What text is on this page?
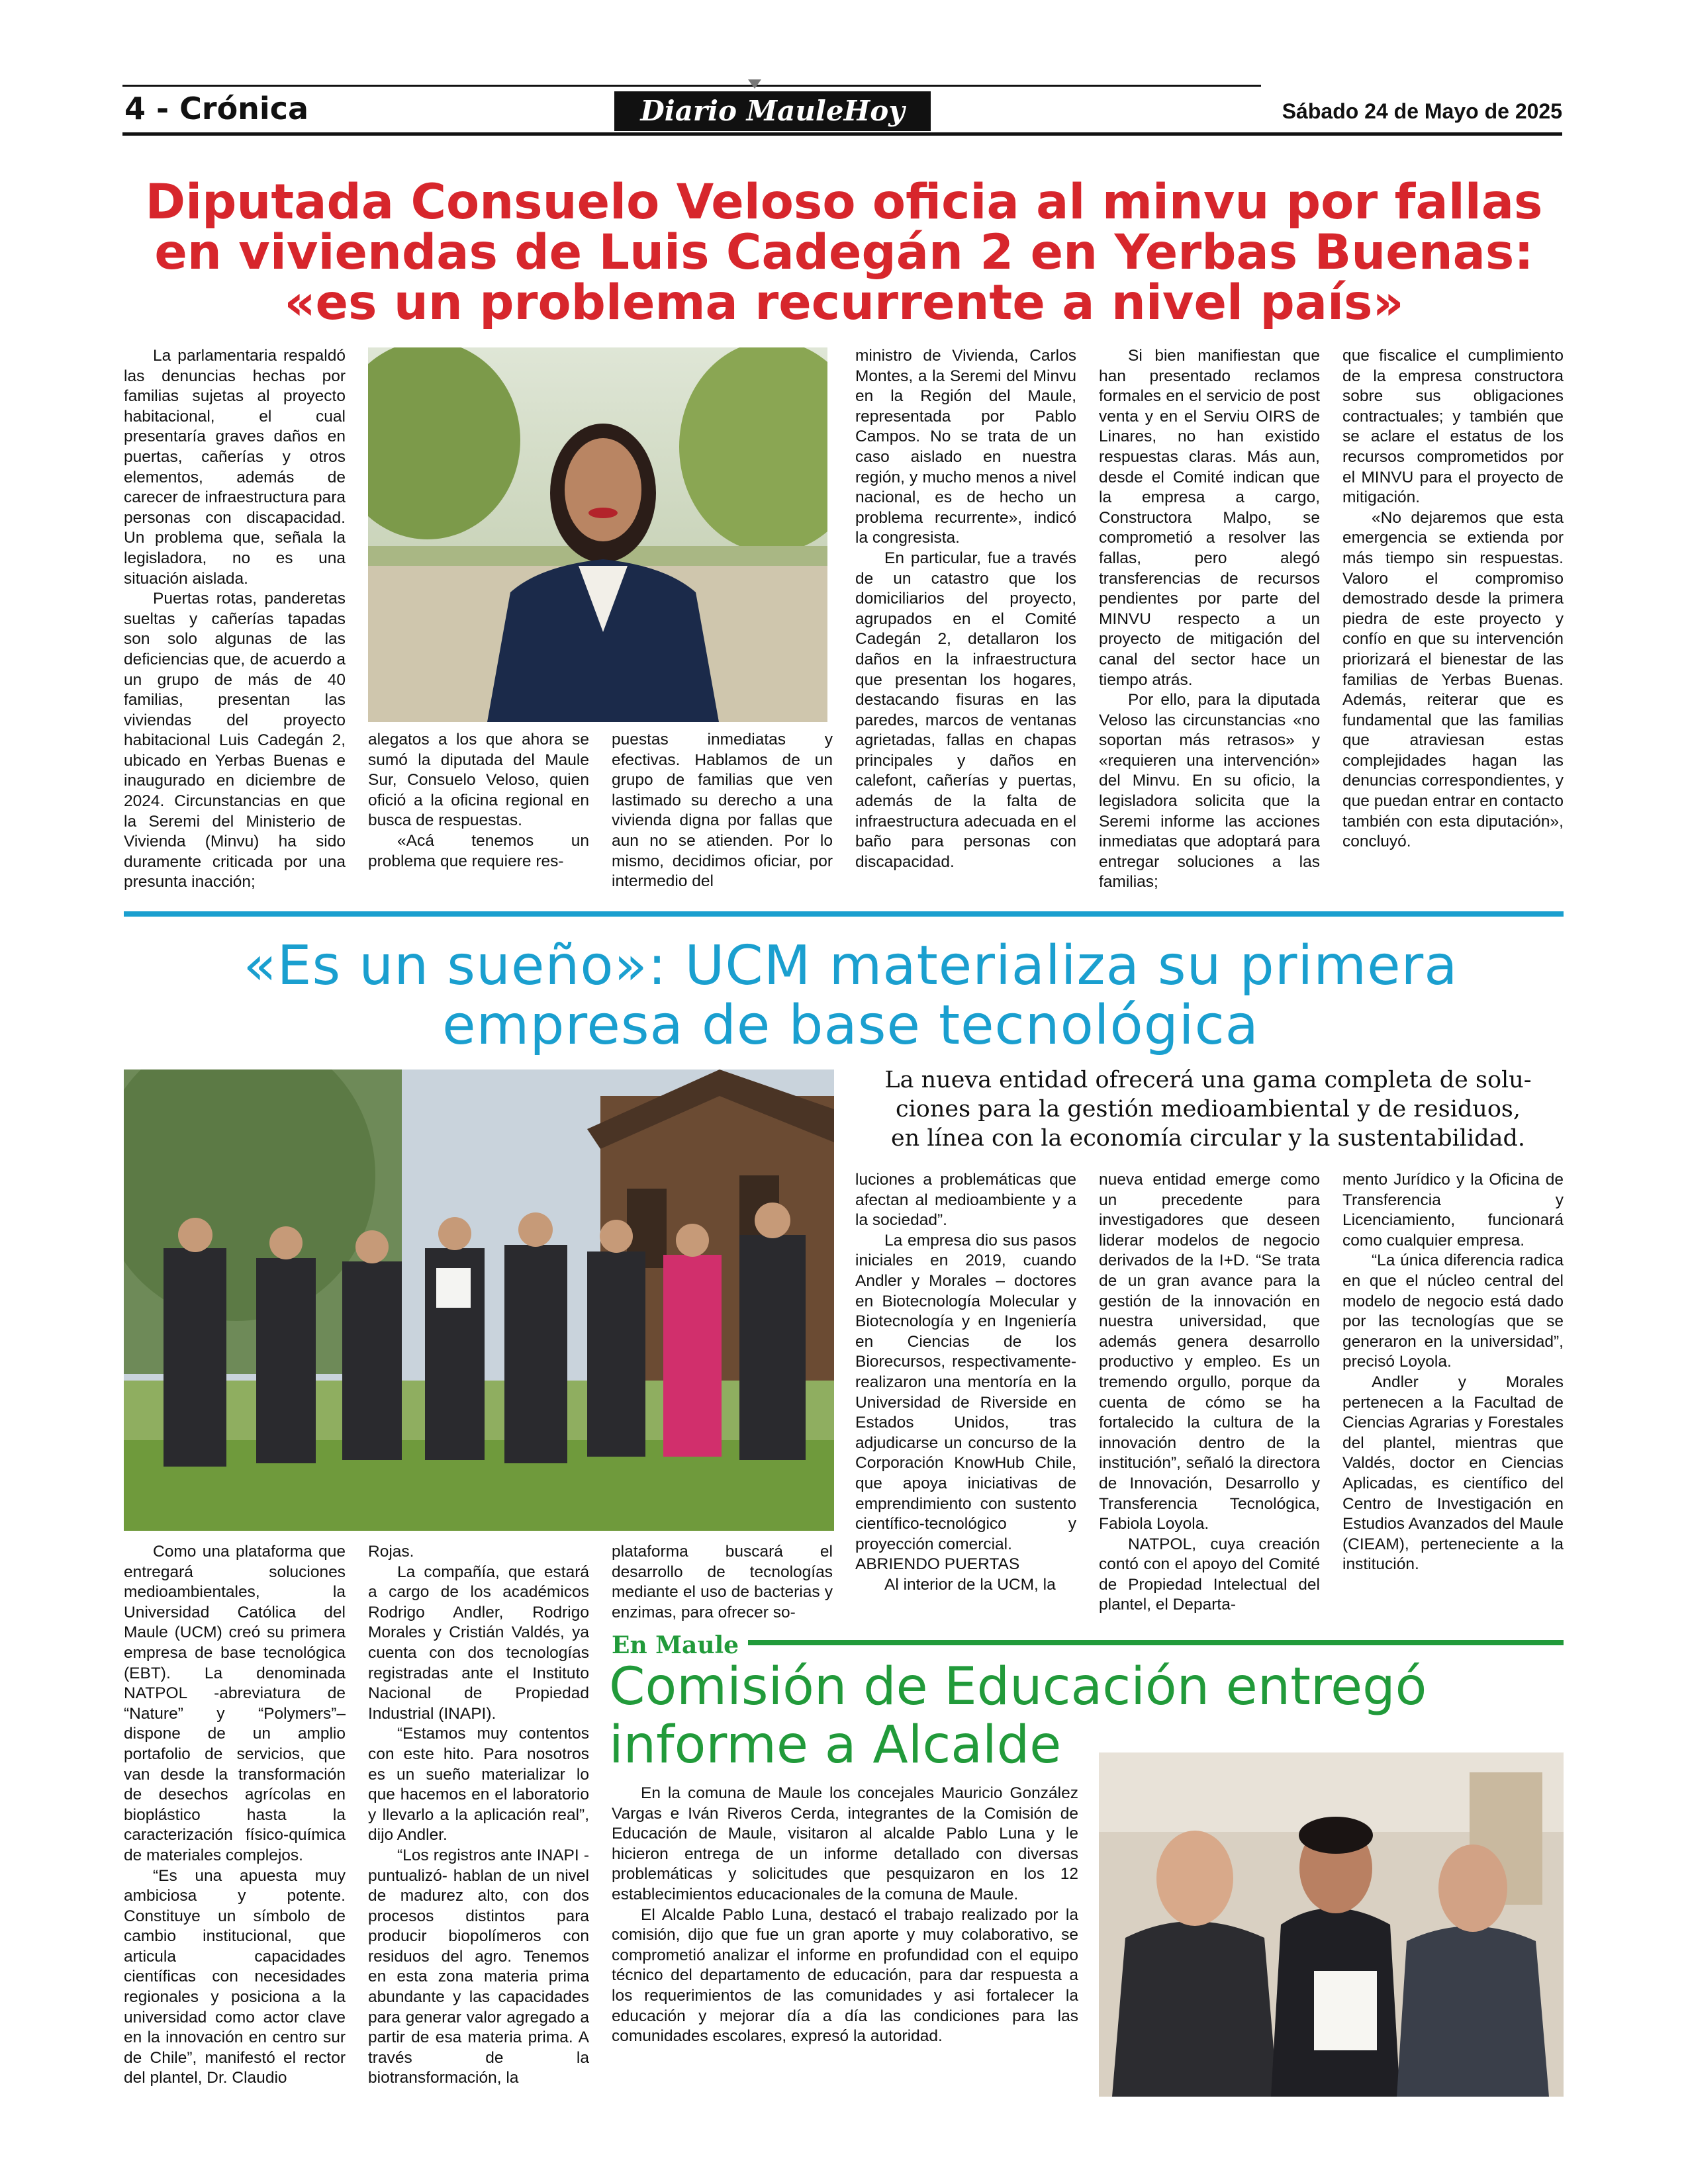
4 - Crónica	Diario MauleHoy	Sábado 24 de Mayo de 2025
Diputada Consuelo Veloso oficia al minvu por fallas
en viviendas de Luis Cadegán 2 en Yerbas Buenas:
«es un problema recurrente a nivel país»

La parlamentaria respaldó las denuncias hechas por familias sujetas al proyecto habitacional, el cual presentaría graves daños en puertas, cañerías y otros elementos, además de carecer de infraestructura para personas con discapacidad. Un problema que, señala la legisladora, no es una situación aislada.

Puertas rotas, panderetas sueltas y cañerías tapadas son solo algunas de las deficiencias que, de acuerdo a un grupo de más de 40 familias, presentan las viviendas del proyecto habitacional Luis Cadegán 2, ubicado en Yerbas Buenas e inaugurado en diciembre de 2024. Circunstancias en que la Seremi del Ministerio de Vivienda (Minvu) ha sido duramente criticada por una presunta inacción;

alegatos a los que ahora se sumó la diputada del Maule Sur, Consuelo Veloso, quien ofició a la oficina regional en busca de respuestas.

«Acá tenemos un problema que requiere res-

puestas inmediatas y efectivas. Hablamos de un grupo de familias que ven lastimado su derecho a una vivienda digna por fallas que aun no se atienden. Por lo mismo, decidimos oficiar, por intermedio del

ministro de Vivienda, Carlos Montes, a la Seremi del Minvu en la Región del Maule, representada por Pablo Campos. No se trata de un caso aislado en nuestra región, y mucho menos a nivel nacional, es de hecho un problema recurrente», indicó la congresista.

En particular, fue a través de un catastro que los domiciliarios del proyecto, agrupados en el Comité Cadegán 2, detallaron los daños en la infraestructura que presentan los hogares, destacando fisuras en las paredes, marcos de ventanas agrietadas, fallas en chapas principales y daños en calefont, cañerías y puertas, además de la falta de infraestructura adecuada en el baño para personas con discapacidad.

Si bien manifiestan que han presentado reclamos formales en el servicio de post venta y en el Serviu OIRS de Linares, no han existido respuestas claras. Más aun, desde el Comité indican que la empresa a cargo, Constructora Malpo, se comprometió a resolver las fallas, pero alegó transferencias de recursos pendientes por parte del MINVU respecto a un proyecto de mitigación del canal del sector hace un tiempo atrás.

Por ello, para la diputada Veloso las circunstancias «no soportan más retrasos» y «requieren una intervención» del Minvu. En su oficio, la legisladora solicita que la Seremi informe las acciones inmediatas que adoptará para entregar soluciones a las familias;

que fiscalice el cumplimiento de la empresa constructora sobre sus obligaciones contractuales; y también que se aclare el estatus de los recursos comprometidos por el MINVU para el proyecto de mitigación.

«No dejaremos que esta emergencia se extienda por más tiempo sin respuestas. Valoro el compromiso demostrado desde la primera piedra de este proyecto y confío en que su intervención priorizará el bienestar de las familias de Yerbas Buenas. Además, reiterar que es fundamental que las familias que atraviesan estas complejidades hagan las denuncias correspondientes, y que puedan entrar en contacto también con esta diputación», concluyó.

«Es un sueño»: UCM materializa su primera
empresa de base tecnológica
La nueva entidad ofrecerá una gama completa de solu-
ciones para la gestión medioambiental y de residuos,
en línea con la economía circular y la sustentabilidad.

luciones a problemáticas que afectan al medioambiente y a la sociedad”.

La empresa dio sus pasos iniciales en 2019, cuando Andler y Morales – doctores en Biotecnología Molecular y Biotecnología y en Ingeniería en Ciencias de los Biorecursos, respectivamente-realizaron una mentoría en la Universidad de Riverside en Estados Unidos, tras adjudicarse un concurso de la Corporación KnowHub Chile, que apoya iniciativas de emprendimiento con sustento científico-tecnológico y proyección comercial.

ABRIENDO PUERTAS

Al interior de la UCM, la

nueva entidad emerge como un precedente para investigadores que deseen liderar modelos de negocio derivados de la I+D. “Se trata de un gran avance para la gestión de la innovación en nuestra universidad, que además genera desarrollo productivo y empleo. Es un tremendo orgullo, porque da cuenta de cómo se ha fortalecido la cultura de la innovación dentro de la institución”, señaló la directora de Innovación, Desarrollo y Transferencia Tecnológica, Fabiola Loyola.

NATPOL, cuya creación contó con el apoyo del Comité de Propiedad Intelectual del plantel, el Departa-

mento Jurídico y la Oficina de Transferencia y Licenciamiento, funcionará como cualquier empresa.

“La única diferencia radica en que el núcleo central del modelo de negocio está dado por las tecnologías que se generaron en la universidad”, precisó Loyola.

Andler y Morales pertenecen a la Facultad de Ciencias Agrarias y Forestales del plantel, mientras que Valdés, doctor en Ciencias Aplicadas, es científico del Centro de Investigación en Estudios Avanzados del Maule (CIEAM), perteneciente a la institución.

Como una plataforma que entregará soluciones medioambientales, la Universidad Católica del Maule (UCM) creó su primera empresa de base tecnológica (EBT). La denominada NATPOL -abreviatura de “Nature” y “Polymers”– dispone de un amplio portafolio de servicios, que van desde la transformación de desechos agrícolas en bioplástico hasta la caracterización físico-química de materiales complejos.

“Es una apuesta muy ambiciosa y potente. Constituye un símbolo de cambio institucional, que articula capacidades científicas con necesidades regionales y posiciona a la universidad como actor clave en la innovación en centro sur de Chile”, manifestó el rector del plantel, Dr. Claudio

Rojas.

La compañía, que estará a cargo de los académicos Rodrigo Andler, Rodrigo Morales y Cristián Valdés, ya cuenta con dos tecnologías registradas ante el Instituto Nacional de Propiedad Industrial (INAPI).

“Estamos muy contentos con este hito. Para nosotros es un sueño materializar lo que hacemos en el laboratorio y llevarlo a la aplicación real”, dijo Andler.

“Los registros ante INAPI -puntualizó- hablan de un nivel de madurez alto, con dos procesos distintos para producir biopolímeros con residuos del agro. Tenemos en esta zona materia prima abundante y las capacidades para generar valor agregado a partir de esa materia prima. A través de la biotransformación, la

plataforma buscará el desarrollo de tecnologías mediante el uso de bacterias y enzimas, para ofrecer so-

En Maule
Comisión de Educación entregó
informe a Alcalde

En la comuna de Maule los concejales Mauricio González Vargas e Iván Riveros Cerda, integrantes de la Comisión de Educación de Maule, visitaron al alcalde Pablo Luna y le hicieron entrega de un informe detallado con diversas problemáticas y solicitudes que pesquizaron en los 12 establecimientos educacionales de la comuna de Maule.

El Alcalde Pablo Luna, destacó el trabajo realizado por la comisión, dijo que fue un gran aporte y muy colaborativo, se comprometió analizar el informe en profundidad con el equipo técnico del departamento de educación, para dar respuesta a los requerimientos de las comunidades y asi fortalecer la educación y mejorar día a día las condiciones para las comunidades escolares, expresó la autoridad.
